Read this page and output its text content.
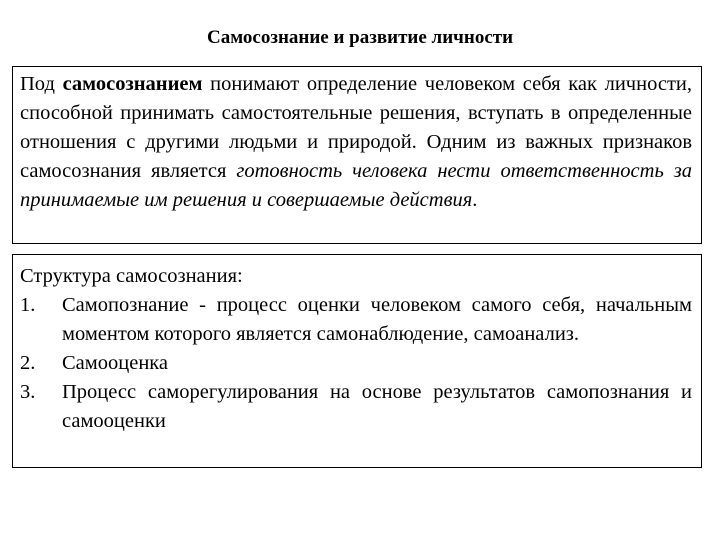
Самосознание и развитие личности

Под самосознанием понимают определение человеком себя как личности, способной принимать самостоятельные решения, вступать в определенные отношения с другими людьми и природой. Одним из важных признаков самосознания является готовность человека нести ответственность за принимаемые им решения и совершаемые действия.

Структура самосознания:
1. Самопознание - процесс оценки человеком самого себя, начальным моментом которого является самонаблюдение, самоанализ.
2. Самооценка
3. Процесс саморегулирования на основе результатов самопознания и самооценки
